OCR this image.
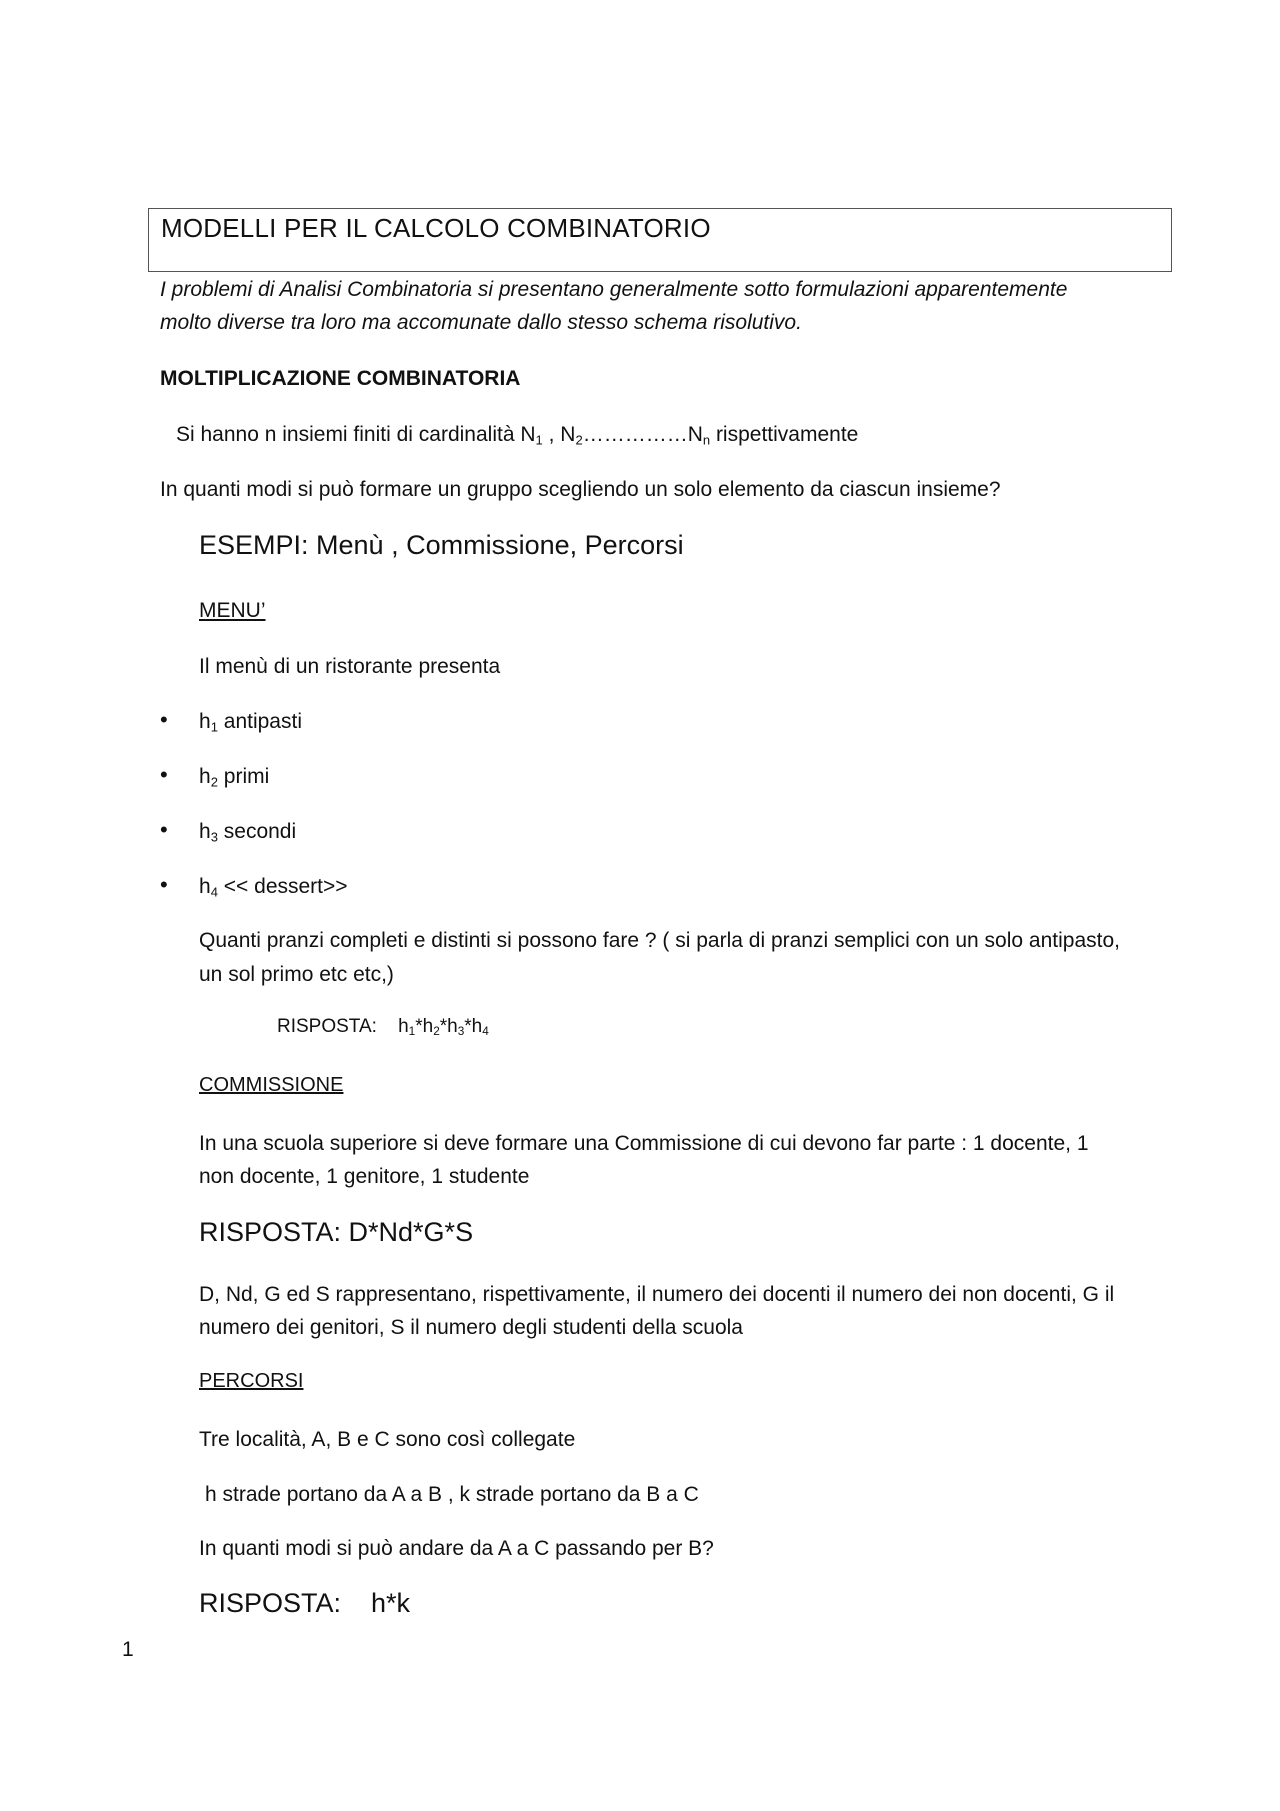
MODELLI PER IL CALCOLO COMBINATORIO
I problemi di Analisi Combinatoria si presentano generalmente sotto formulazioni apparentemente
molto diverse tra loro ma accomunate dallo stesso schema risolutivo.
MOLTIPLICAZIONE COMBINATORIA
Si hanno n insiemi finiti di cardinalità $N_1$ , $N_2\dots\dots\dots\dots\dots N_n$ rispettivamente
In quanti modi si può formare un gruppo scegliendo un solo elemento da ciascun insieme?
ESEMPI: Menù , Commissione, Percorsi
MENU’
Il menù di un ristorante presenta
• $h_1$ antipasti
• $h_2$ primi
• $h_3$ secondi
• $h_4$ << dessert>>
Quanti pranzi completi e distinti si possono fare ? ( si parla di pranzi semplici con un solo antipasto,
un sol primo etc etc,)
RISPOSTA: $h_1*h_2*h_3*h_4$
COMMISSIONE
In una scuola superiore si deve formare una Commissione di cui devono far parte : 1 docente, 1
non docente, 1 genitore, 1 studente
RISPOSTA: D*Nd*G*S
D, Nd, G ed S rappresentano, rispettivamente, il numero dei docenti il numero dei non docenti, G il
numero dei genitori, S il numero degli studenti della scuola
PERCORSI
Tre località, A, B e C sono così collegate
h strade portano da A a B , k strade portano da B a C
In quanti modi si può andare da A a C passando per B?
RISPOSTA:    h*k
1
